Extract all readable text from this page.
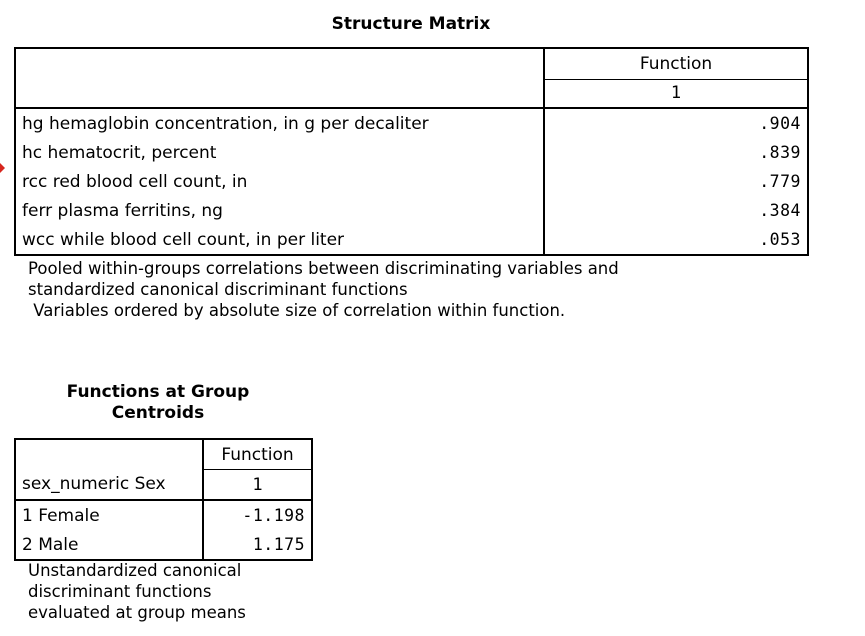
Structure Matrix
	Function
	1
hg hemaglobin concentration, in g per decaliter	.904
hc hematocrit, percent	.839
rcc red blood cell count, in	.779
ferr plasma ferritins, ng	.384
wcc while blood cell count, in per liter	.053
Pooled within-groups correlations between discriminating variables and
standardized canonical discriminant functions
Variables ordered by absolute size of correlation within function.
Functions at Group
Centroids
	Function
sex_numeric Sex	1
1 Female	-1.198
2 Male	1.175
Unstandardized canonical
discriminant functions
evaluated at group means
